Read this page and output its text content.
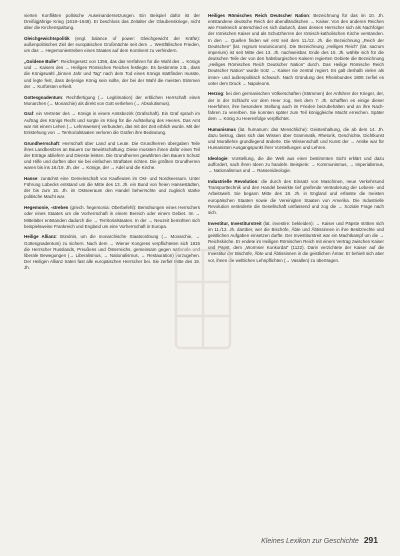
vierten Konflikten politische Auseinandersetzungen. Ein Beispiel dafür ist der Dreißigjährige Krieg (1618–1648). Er beschloss das Zeitalter der Glaubenskriege, nicht aber die Kirchenspaltung.

Gleichgewichtspolitik (engl. balance of power: Gleichgewicht der Kräfte): außenpolitisches Ziel der europäischen Großmächte seit dem → Westfälischen Frieden, um das → Hegemoniestreben eines Staates auf dem Kontinent zu verhindern.

„Goldene Bulle“: Reichsgesetz von 1356, das das Verfahren für die Wahl des → Königs und → Kaisers des → Heiligen Römischen Reiches festlegte. Es bestimmte z.B., dass die Königswahl „binnen Jahr und Tag“ nach dem Tod eines Königs stattfinden musste, und legte fest, dass derjenige König sein sollte, der bei der Wahl die meisten Stimmen der → Kurfürsten erhielt.

Gottesgnadentum: Rechtfertigung (→ Legitimation) der erblichen Herrschaft eines Monarchen (→ Monarchie) als direkt von Gott verliehen (→ Absolutismus).

Graf: ein Vertreter des → Königs in einem Amtsbezirk (Grafschaft). Ein Graf sprach im Auftrag des Königs Recht und sorgte im Krieg für die Aufstellung des Heeres. Das Amt war mit einem Lehen (→ Lehnswesen) verbunden, das mit der Zeit erblich wurde. Mit der Entstehung von → Territorialstaaten verloren die Grafen ihre Bedeutung.

Grundherrschaft: Herrschaft über Land und Leute. Die Grundherren übergaben Teile ihres Landbesitzes an Bauern zur Bewirtschaftung. Diese mussten ihnen dafür einen Teil der Erträge abliefern und Dienste leisten. Die Grundherren gewährten den Bauern Schutz und Hilfe und durften über sie bei einfachen Straftaten richten. Die größten Grundherren waren bis ins 18./19. Jh. der → Könige, der → Adel und die Kirche.

Hanse: zunächst eine Gemeinschaft von Kaufleuten im Ost- und Nordseeraum. Unter Führung Lübecks entstand um die Mitte des 13. Jh. ein Bund von freien Hansestädten, der bis zum 15. Jh. im Ostseeraum den Handel beherrschte und zugleich starke politische Macht war.

Hegemonie, -streben (griech. hegemonia: Oberbefehl): Bemühungen eines Herrschers oder eines Staates um die Vorherrschaft in einem Bereich oder einem Gebiet. Im → Mittelalter entstanden dadurch die → Territorialstaaten. In der → Neuzeit bemühten sich beispielsweise Frankreich und England um eine Vorherrschaft in Europa.

Heilige Allianz: Bündnis, um die monarchische Staatsordnung (→ Monarchie, → Gottesgnadentum) zu sichern. Nach dem → Wiener Kongress verpflichteten sich 1815 die Herrscher Russlands, Preußens und Österreichs, gemeinsam gegen nationale und liberale Bewegungen (→ Liberalismus, → Nationalismus, → Restauration) vorzugehen. Der Heiligen Allianz traten fast alle europäischen Herrscher bei. Sie zerfiel Mitte des 19. Jh.

Heiliges Römisches Reich Deutscher Nation: Bezeichnung für das im 10. Jh. entstandene deutsche Reich der abendländischen → Kaiser. Von den anderen Reichen wie Frankreich unterschied es sich dadurch, dass dessen Herrscher sich als Nachfolger der römischen Kaiser und als Schutzherren der römisch-katholischen Kirche verstanden. In den → Quellen finden wir erst seit dem 11./12. Jh. die Bezeichnung „Reich der Deutschen“ (lat. regnum teutonicorum). Die Bezeichnung „Heiliges Reich“ (lat. sacrum imperium) ist seit Mitte des 13. Jh. nachweisbar. Ende des 15. Jh. wählte sich für die deutschen Teile der von den habsburgischen Kaisern regierten Gebiete die Bezeichnung „Heiliges Römisches Reich Deutscher Nation“ durch. Das Heilige Römische Reich Deutscher Nation“ wurde trotz → Kaiser nie zentral regiert. Es galt deshalb vielen als innen- und außenpolitisch schwach. Nach Gründung des Rheinbundes 1806 zerfiel es unter dem Druck → Napoleons.

Herzog: bei den germanischen Völkerschaften (Stämmen) der Anführer der Krieger, der, der in der Schlacht vor dem Heer zog. Seit dem 7. Jh. schafften es einige dieser Heerführer, ihre besondere Stellung auch im Frieden beizubehalten und an ihre Nachfahren zu vererben. Sie konnten später zum Teil königgleiche Macht erreichen. Später dem → König zu Heeresfolge verpflichtet.

Humanismus (lat. humanum: das Menschliche): Geisteshaltung, die ab dem 14. Jh. dazu beitrug, dass sich das Wissen über Grammatik, Rhetorik, Geschichte, Dichtkunst und Morallehre grundlegend änderte. Die Wissenschaft und Kunst der → Antike war für Humanisten Ausgangspunkt ihrer Vorstellungen und Lehren.

Ideologie: Vorstellung, die die Welt aus einer bestimmten Sicht erklärt und dazu auffordert, nach ihren Ideen zu handeln. Beispiele: → Kommunismus, → Imperialismus, → Nationalismus und → Rassenideologie.

Industrielle Revolution: die durch den Einsatz von Maschinen, neue Verkehrsund Transporttechnik und den Handel bewirkte tief greifende Veränderung der Lebens- und Arbeitswelt. Sie begann Mitte des 18. Jh. in England und erfasste die meisten europäischen Staaten sowie die Vereinigten Staaten von Amerika. Die Industrielle Revolution veränderte die Gesellschaft umfassend und zog die → Soziale Frage nach sich.

Investitur, Investiturstreit (lat. investire: bekleiden): → Kaiser und Päpste stritten sich im 11./12. Jh. darüber, wer die Bischöfe, Äbte und Äbtissinnen in ihre Besitzrechte und geistlichen Aufgaben einsetzen durfte. Der Investiturstreit war ein Machtkampf um die → Reichskirche. Er endete im Heiligen Römischen Reich mit einem Vertrag zwischen Kaiser und Papst, dem „Wormser Konkordat“ (1122). Darin verzichtete der Kaiser auf die Investitur der Bischöfe, Äbte und Äbtissinnen in die geistlichen Ämter. Er behielt sich aber vor, ihnen die weltlichen Lehnpflichten (→ Vasallen) zu übertragen.

Kleines Lexikon zur Geschichte 291
